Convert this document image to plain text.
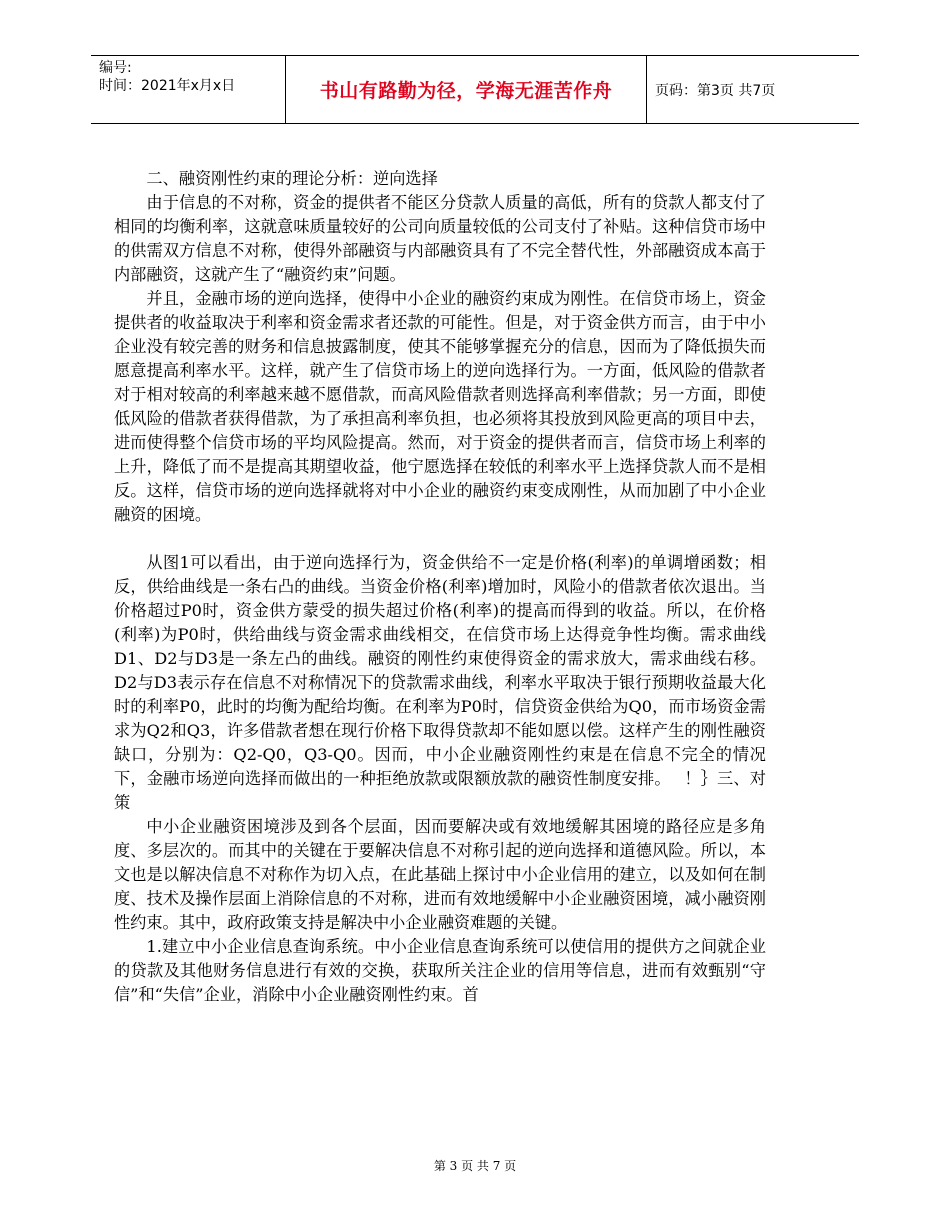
编号:
时间：2021年x月x日	书山有路勤为径，学海无涯苦作舟	页码：第3页 共7页

二、融资刚性约束的理论分析：逆向选择

由于信息的不对称，资金的提供者不能区分贷款人质量的高低，所有的贷款人都支付了相同的均衡利率，这就意味质量较好的公司向质量较低的公司支付了补贴。这种信贷市场中的供需双方信息不对称，使得外部融资与内部融资具有了不完全替代性，外部融资成本高于内部融资，这就产生了“融资约束”问题。

并且，金融市场的逆向选择，使得中小企业的融资约束成为刚性。在信贷市场上，资金提供者的收益取决于利率和资金需求者还款的可能性。但是，对于资金供方而言，由于中小企业没有较完善的财务和信息披露制度，使其不能够掌握充分的信息，因而为了降低损失而愿意提高利率水平。这样，就产生了信贷市场上的逆向选择行为。一方面，低风险的借款者对于相对较高的利率越来越不愿借款，而高风险借款者则选择高利率借款；另一方面，即使低风险的借款者获得借款，为了承担高利率负担，也必须将其投放到风险更高的项目中去，进而使得整个信贷市场的平均风险提高。然而，对于资金的提供者而言，信贷市场上利率的上升，降低了而不是提高其期望收益，他宁愿选择在较低的利率水平上选择贷款人而不是相反。这样，信贷市场的逆向选择就将对中小企业的融资约束变成刚性，从而加剧了中小企业融资的困境。

从图1可以看出，由于逆向选择行为，资金供给不一定是价格(利率)的单调增函数；相反，供给曲线是一条右凸的曲线。当资金价格(利率)增加时，风险小的借款者依次退出。当价格超过P0时，资金供方蒙受的损失超过价格(利率)的提高而得到的收益。所以，在价格(利率)为P0时，供给曲线与资金需求曲线相交，在信贷市场上达得竞争性均衡。需求曲线D1、D2与D3是一条左凸的曲线。融资的刚性约束使得资金的需求放大，需求曲线右移。D2与D3表示存在信息不对称情况下的贷款需求曲线，利率水平取决于银行预期收益最大化时的利率P0，此时的均衡为配给均衡。在利率为P0时，信贷资金供给为Q0，而市场资金需求为Q2和Q3，许多借款者想在现行价格下取得贷款却不能如愿以偿。这样产生的刚性融资缺口，分别为：Q2-Q0，Q3-Q0。因而，中小企业融资刚性约束是在信息不完全的情况下，金融市场逆向选择而做出的一种拒绝放款或限额放款的融资性制度安排。　 ！｝三、对策

中小企业融资困境涉及到各个层面，因而要解决或有效地缓解其困境的路径应是多角度、多层次的。而其中的关键在于要解决信息不对称引起的逆向选择和道德风险。所以，本文也是以解决信息不对称作为切入点，在此基础上探讨中小企业信用的建立，以及如何在制度、技术及操作层面上消除信息的不对称，进而有效地缓解中小企业融资困境，减小融资刚性约束。其中，政府政策支持是解决中小企业融资难题的关键。

1.建立中小企业信息查询系统。中小企业信息查询系统可以使信用的提供方之间就企业的贷款及其他财务信息进行有效的交换，获取所关注企业的信用等信息，进而有效甄别“守信”和“失信”企业，消除中小企业融资刚性约束。首

第 3 页 共 7 页
